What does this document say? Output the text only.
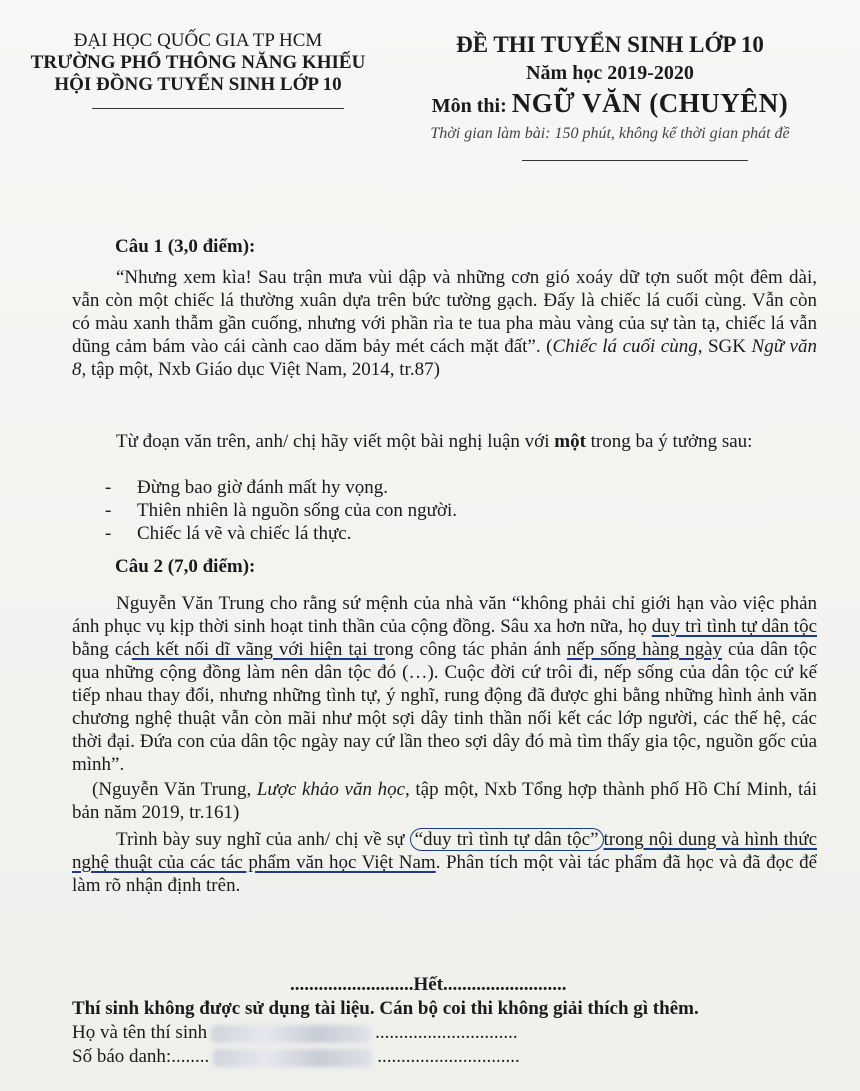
ĐẠI HỌC QUỐC GIA TP HCM
TRƯỜNG PHỔ THÔNG NĂNG KHIẾU
HỘI ĐỒNG TUYỂN SINH LỚP 10
ĐỀ THI TUYỂN SINH LỚP 10
Năm học 2019-2020
Môn thi: NGỮ VĂN (CHUYÊN)
Thời gian làm bài: 150 phút, không kể thời gian phát đề
Câu 1 (3,0 điểm):

“Nhưng xem kìa! Sau trận mưa vùi dập và những cơn gió xoáy dữ tợn suốt một đêm dài, vẫn còn một chiếc lá thường xuân dựa trên bức tường gạch. Đấy là chiếc lá cuối cùng. Vẫn còn có màu xanh thẫm gần cuống, nhưng với phần rìa te tua pha màu vàng của sự tàn tạ, chiếc lá vẫn dũng cảm bám vào cái cành cao dăm bảy mét cách mặt đất”. (Chiếc lá cuối cùng, SGK Ngữ văn 8, tập một, Nxb Giáo dục Việt Nam, 2014, tr.87)

Từ đoạn văn trên, anh/ chị hãy viết một bài nghị luận với một trong ba ý tưởng sau:

- Đừng bao giờ đánh mất hy vọng.
- Thiên nhiên là nguồn sống của con người.
- Chiếc lá vẽ và chiếc lá thực.
Câu 2 (7,0 điểm):

Nguyễn Văn Trung cho rằng sứ mệnh của nhà văn “không phải chỉ giới hạn vào việc phản ánh phục vụ kịp thời sinh hoạt tinh thần của cộng đồng. Sâu xa hơn nữa, họ duy trì tình tự dân tộc bằng cách kết nối dĩ vãng với hiện tại trong công tác phản ánh nếp sống hàng ngày của dân tộc qua những cộng đồng làm nên dân tộc đó (…). Cuộc đời cứ trôi đi, nếp sống của dân tộc cứ kế tiếp nhau thay đổi, nhưng những tình tự, ý nghĩ, rung động đã được ghi bằng những hình ảnh văn chương nghệ thuật vẫn còn mãi như một sợi dây tinh thần nối kết các lớp người, các thế hệ, các thời đại. Đứa con của dân tộc ngày nay cứ lần theo sợi dây đó mà tìm thấy gia tộc, nguồn gốc của mình”.

(Nguyễn Văn Trung, Lược khảo văn học, tập một, Nxb Tổng hợp thành phố Hồ Chí Minh, tái bản năm 2019, tr.161)

Trình bày suy nghĩ của anh/ chị về sự “duy trì tình tự dân tộc” trong nội dung và hình thức nghệ thuật của các tác phẩm văn học Việt Nam. Phân tích một vài tác phẩm đã học và đã đọc để làm rõ nhận định trên.

..........................Hết..........................
Thí sinh không được sử dụng tài liệu. Cán bộ coi thi không giải thích gì thêm.
Họ và tên thí sinh	..............................
Số báo danh:........	..............................
